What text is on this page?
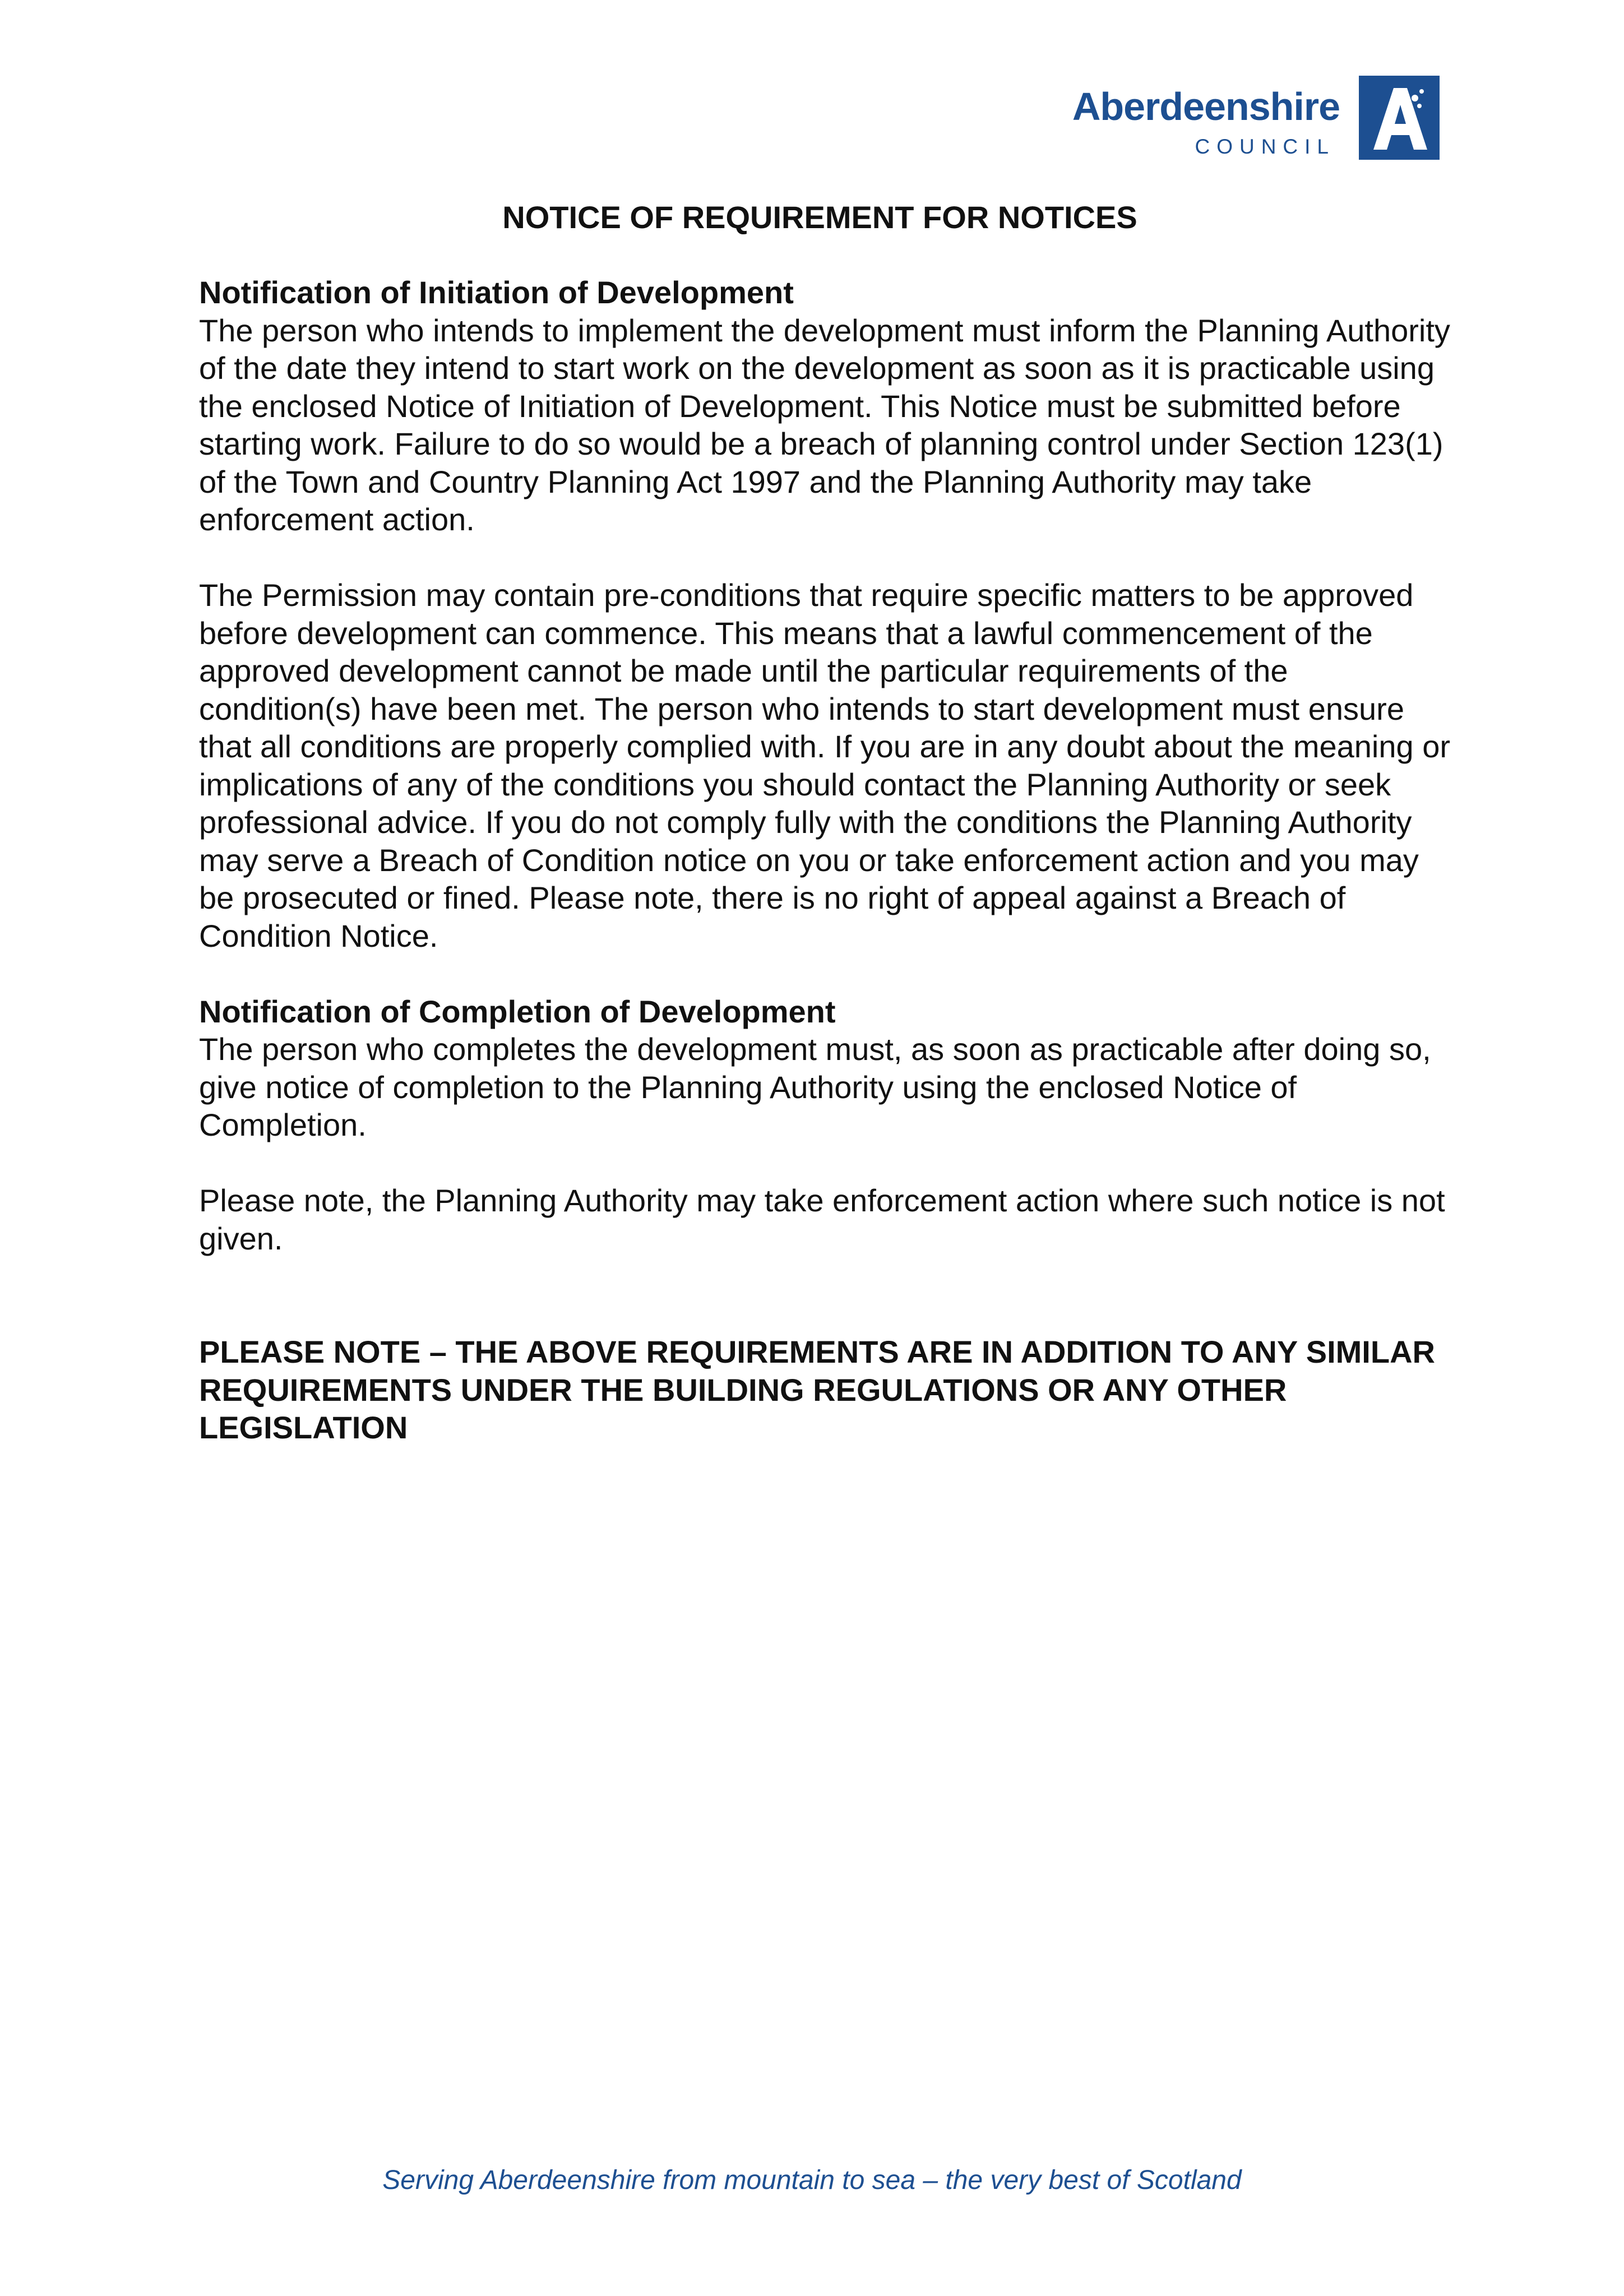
Aberdeenshire
COUNCIL
NOTICE OF REQUIREMENT FOR NOTICES
Notification of Initiation of Development

The person who intends to implement the development must inform the Planning Authority of the date they intend to start work on the development as soon as it is practicable using the enclosed Notice of Initiation of Development. This Notice must be submitted before starting work. Failure to do so would be a breach of planning control under Section 123(1) of the Town and Country Planning Act 1997 and the Planning Authority may take enforcement action.

The Permission may contain pre-conditions that require specific matters to be approved before development can commence. This means that a lawful commencement of the approved development cannot be made until the particular requirements of the condition(s) have been met. The person who intends to start development must ensure that all conditions are properly complied with. If you are in any doubt about the meaning or implications of any of the conditions you should contact the Planning Authority or seek professional advice. If you do not comply fully with the conditions the Planning Authority may serve a Breach of Condition notice on you or take enforcement action and you may be prosecuted or fined. Please note, there is no right of appeal against a Breach of Condition Notice.

Notification of Completion of Development

The person who completes the development must, as soon as practicable after doing so, give notice of completion to the Planning Authority using the enclosed Notice of Completion.

Please note, the Planning Authority may take enforcement action where such notice is not given.

PLEASE NOTE – THE ABOVE REQUIREMENTS ARE IN ADDITION TO ANY SIMILAR REQUIREMENTS UNDER THE BUILDING REGULATIONS OR ANY OTHER LEGISLATION

Serving Aberdeenshire from mountain to sea – the very best of Scotland
